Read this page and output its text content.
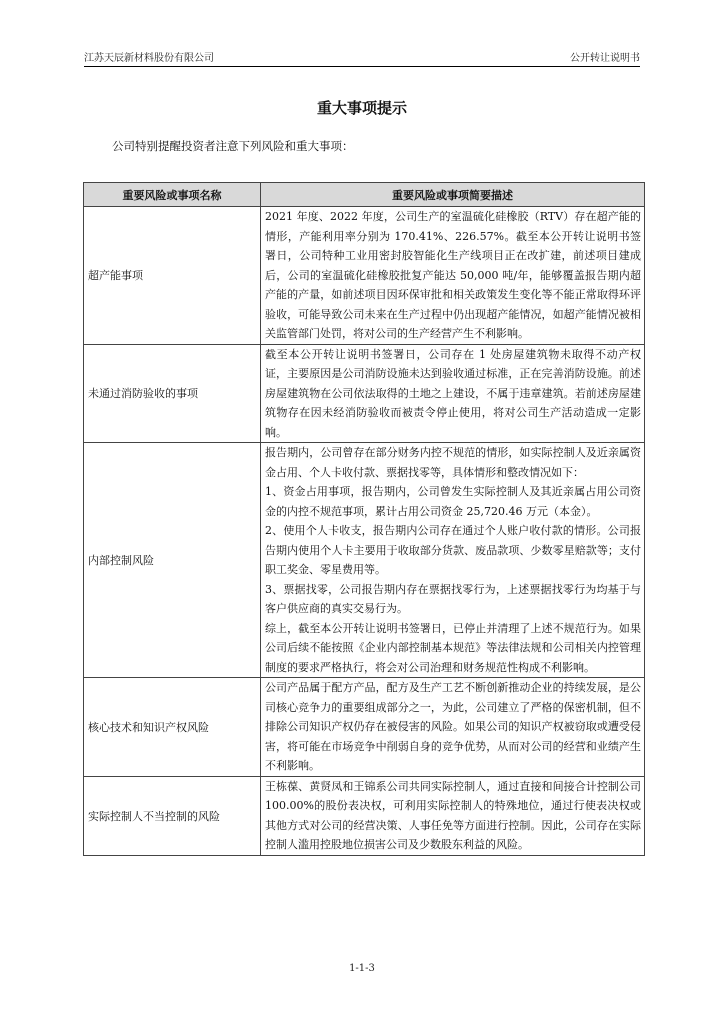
江苏天辰新材料股份有限公司	公开转让说明书
重大事项提示
公司特别提醒投资者注意下列风险和重大事项：
重要风险或事项名称	重要风险或事项简要描述
超产能事项	2021 年度、2022 年度，公司生产的室温硫化硅橡胶（RTV）存在超产能的情形，产能利用率分别为 170.41%、226.57%。截至本公开转让说明书签署日，公司特种工业用密封胶智能化生产线项目正在改扩建，前述项目建成后，公司的室温硫化硅橡胶批复产能达 50,000 吨/年，能够覆盖报告期内超产能的产量，如前述项目因环保审批和相关政策发生变化等不能正常取得环评验收，可能导致公司未来在生产过程中仍出现超产能情况，如超产能情况被相关监管部门处罚，将对公司的生产经营产生不利影响。

未通过消防验收的事项	截至本公开转让说明书签署日，公司存在 1 处房屋建筑物未取得不动产权证，主要原因是公司消防设施未达到验收通过标准，正在完善消防设施。前述房屋建筑物在公司依法取得的土地之上建设，不属于违章建筑。若前述房屋建筑物存在因未经消防验收而被责令停止使用，将对公司生产活动造成一定影响。

内部控制风险	报告期内，公司曾存在部分财务内控不规范的情形，如实际控制人及近亲属资金占用、个人卡收付款、票据找零等，具体情形和整改情况如下：

1、资金占用事项，报告期内，公司曾发生实际控制人及其近亲属占用公司资金的内控不规范事项，累计占用公司资金 25,720.46 万元（本金）。

2、使用个人卡收支，报告期内公司存在通过个人账户收付款的情形。公司报告期内使用个人卡主要用于收取部分货款、废品款项、少数零星赔款等；支付职工奖金、零星费用等。

3、票据找零，公司报告期内存在票据找零行为，上述票据找零行为均基于与客户供应商的真实交易行为。

综上，截至本公开转让说明书签署日，已停止并清理了上述不规范行为。如果公司后续不能按照《企业内部控制基本规范》等法律法规和公司相关内控管理制度的要求严格执行，将会对公司治理和财务规范性构成不利影响。

核心技术和知识产权风险	公司产品属于配方产品，配方及生产工艺不断创新推动企业的持续发展，是公司核心竞争力的重要组成部分之一，为此，公司建立了严格的保密机制，但不排除公司知识产权仍存在被侵害的风险。如果公司的知识产权被窃取或遭受侵害，将可能在市场竞争中削弱自身的竞争优势，从而对公司的经营和业绩产生不利影响。

实际控制人不当控制的风险	王栋葆、黄贤凤和王锦系公司共同实际控制人，通过直接和间接合计控制公司 100.00%的股份表决权，可利用实际控制人的特殊地位，通过行使表决权或其他方式对公司的经营决策、人事任免等方面进行控制。因此，公司存在实际控制人滥用控股地位损害公司及少数股东利益的风险。

1-1-3
